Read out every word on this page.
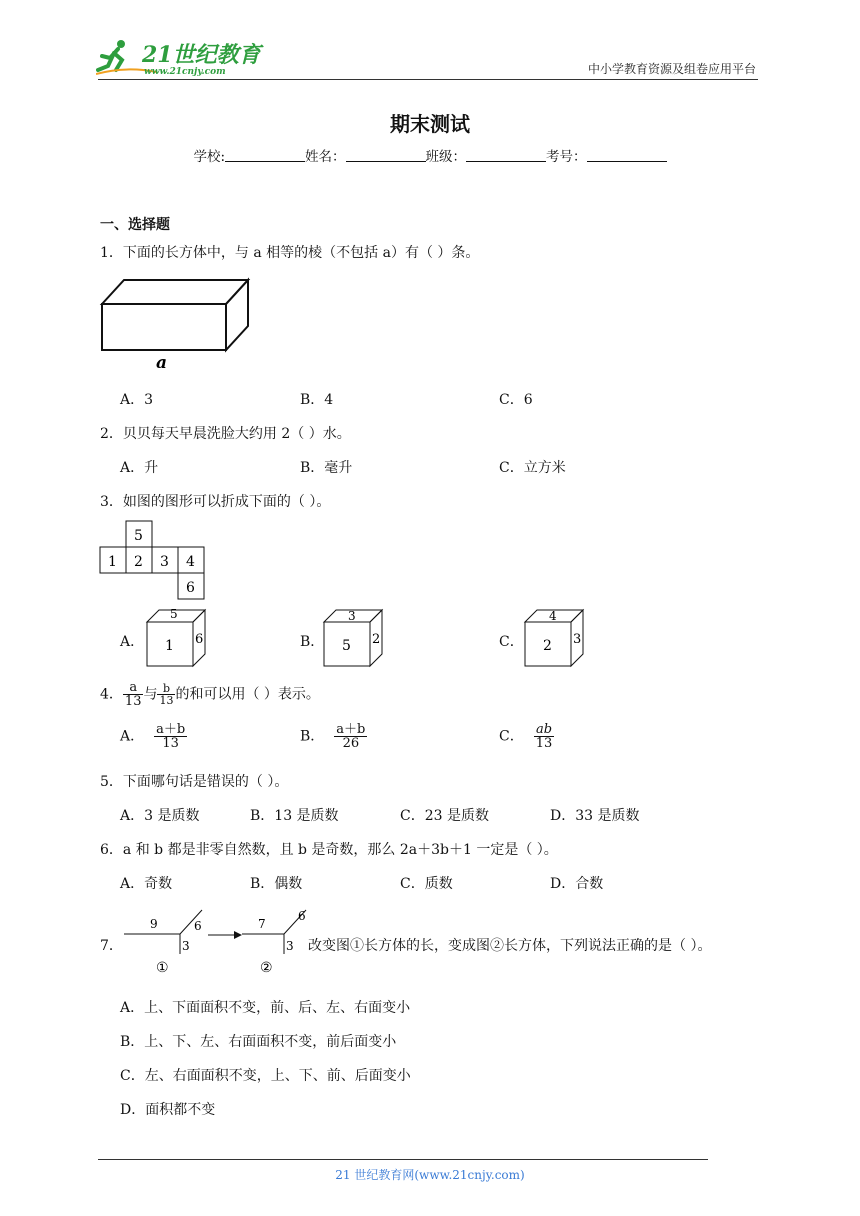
21世纪教育
www.21cnjy.com	中小学教育资源及组卷应用平台
期末测试
学校:	姓名：	班级：	考号：
一、选择题
1．下面的长方体中，与 a 相等的棱（不包括 a）有（ ）条。
a
A．3	B．4	C．6
2．贝贝每天早晨洗脸大约用 2（ ）水。
A．升	B．毫升	C．立方米
3．如图的图形可以折成下面的（ ）。
5
1 2 3 4
6
A．
5
1 6	B．
3
5 2	C．
4
2 3
4． $\frac{a}{13}$ 与 $\frac{b}{13}$ 的和可以用（ ）表示。
A． $\frac{a+b}{13}$	B． $\frac{a+b}{26}$	C． $\frac{ab}{13}$
5．下面哪句话是错误的（ ）。
A．3 是质数	B．13 是质数	C．23 是质数	D．33 是质数
6．a 和 b 都是非零自然数，且 b 是奇数，那么 2a＋3b＋1 一定是（ ）。
A．奇数	B．偶数	C．质数	D．合数
7．
9	6
3
①
7
6
3
②
改变图①长方体的长，变成图②长方体，下列说法正确的是（ ）。
A．上、下面面积不变，前、后、左、右面变小
B．上、下、左、右面面积不变，前后面变小
C．左、右面面积不变，上、下、前、后面变小
D．面积都不变
21 世纪教育网(www.21cnjy.com)
